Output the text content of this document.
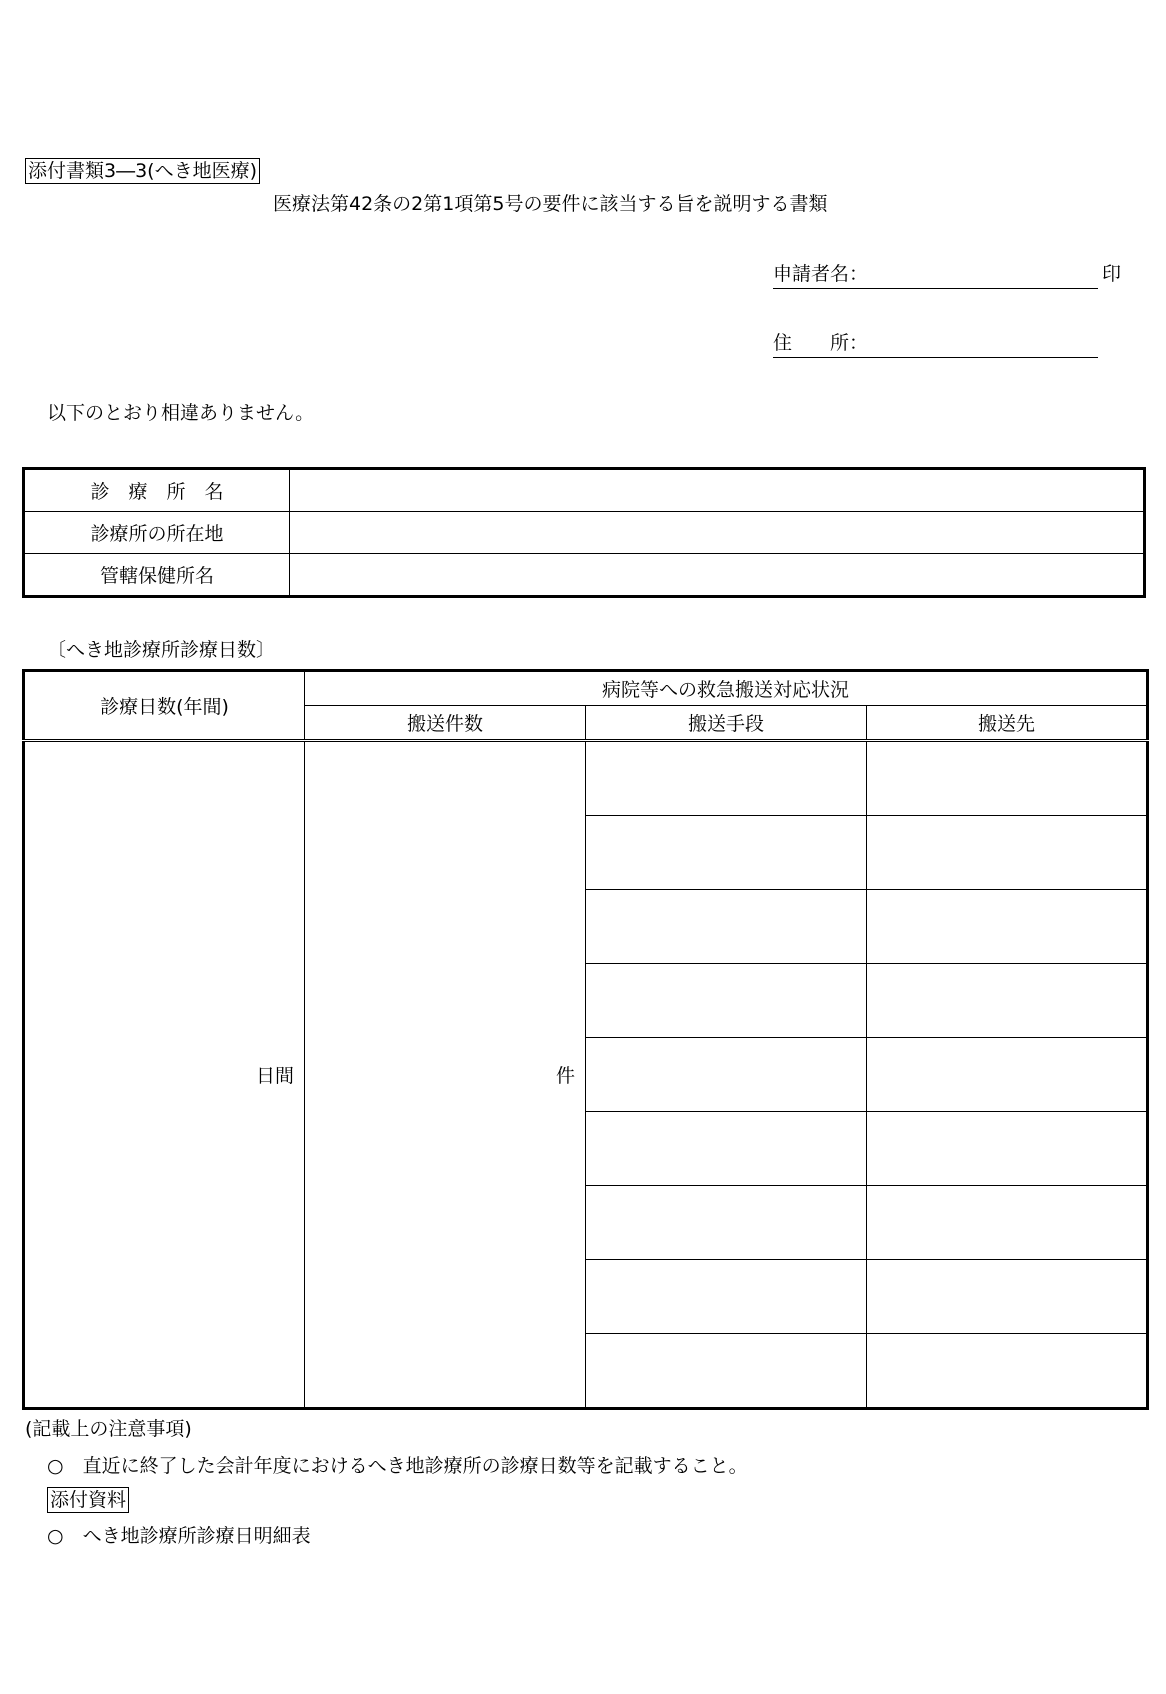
添付書類3―3(へき地医療)
医療法第42条の2第1項第5号の要件に該当する旨を説明する書類
申請者名：	印
住　　所：
以下のとおり相違ありません。
診　療　所　名	
診療所の所在地	
管轄保健所名	
〔へき地診療所診療日数〕
診療日数(年間)	病院等への救急搬送対応状況		
	搬送件数	搬送手段	搬送先
日間	件		

(記載上の注意事項)
○　直近に終了した会計年度におけるへき地診療所の診療日数等を記載すること。
添付資料
○　へき地診療所診療日明細表
